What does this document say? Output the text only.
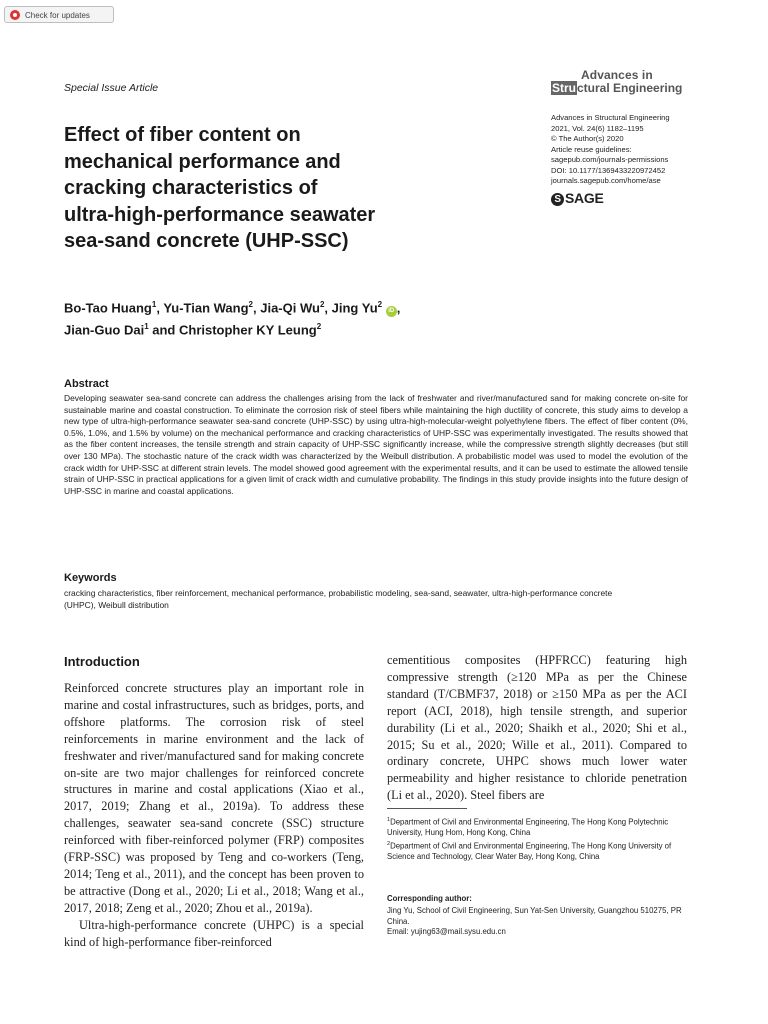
Check for updates
Special Issue Article
Advances in
Structural Engineering
Advances in Structural Engineering
2021, Vol. 24(6) 1182–1195
© The Author(s) 2020
Article reuse guidelines:
sagepub.com/journals-permissions
DOI: 10.1177/1369433220972452
journals.sagepub.com/home/ase
S SAGE
Effect of fiber content on
mechanical performance and
cracking characteristics of
ultra-high-performance seawater
sea-sand concrete (UHP-SSC)
Bo-Tao Huang$^1$, Yu-Tian Wang$^2$, Jia-Qi Wu$^2$, Jing Yu$^2$ iD ,
Jian-Guo Dai$^1$ and Christopher KY Leung$^2$
Abstract

Developing seawater sea-sand concrete can address the challenges arising from the lack of freshwater and river/manufactured sand for making concrete on-site for sustainable marine and coastal construction. To eliminate the corrosion risk of steel fibers while maintaining the high ductility of concrete, this study aims to develop a new type of ultra-high-performance seawater sea-sand concrete (UHP-SSC) by using ultra-high-molecular-weight polyethylene fibers. The effect of fiber content (0%, 0.5%, 1.0%, and 1.5% by volume) on the mechanical performance and cracking characteristics of UHP-SSC was experimentally investigated. The results showed that as the fiber content increases, the tensile strength and strain capacity of UHP-SSC significantly increase, while the compressive strength slightly decreases (but still over 130 MPa). The stochastic nature of the crack width was characterized by the Weibull distribution. A probabilistic model was used to model the evolution of the crack width for UHP-SSC at different strain levels. The model showed good agreement with the experimental results, and it can be used to estimate the allowed tensile strain of UHP-SSC in practical applications for a given limit of crack width and cumulative probability. The findings in this study provide insights into the future design of UHP-SSC in marine and coastal applications.

Keywords

cracking characteristics, fiber reinforcement, mechanical performance, probabilistic modeling, sea-sand, seawater, ultra-high-performance concrete (UHPC), Weibull distribution

Introduction

Reinforced concrete structures play an important role in marine and costal infrastructures, such as bridges, ports, and offshore platforms. The corrosion risk of steel reinforcements in marine environment and the lack of freshwater and river/manufactured sand for making concrete on-site are two major challenges for reinforced concrete structures in marine and costal applications (Xiao et al., 2017, 2019; Zhang et al., 2019a). To address these challenges, seawater sea-sand concrete (SSC) structure reinforced with fiber-reinforced polymer (FRP) composites (FRP-SSC) was proposed by Teng and co-workers (Teng, 2014; Teng et al., 2011), and the concept has been proven to be attractive (Dong et al., 2020; Li et al., 2018; Wang et al., 2017, 2018; Zeng et al., 2020; Zhou et al., 2019a).

Ultra-high-performance concrete (UHPC) is a special kind of high-performance fiber-reinforced

cementitious composites (HPFRCC) featuring high compressive strength (≥120 MPa as per the Chinese standard (T/CBMF37, 2018) or ≥150 MPa as per the ACI report (ACI, 2018), high tensile strength, and superior durability (Li et al., 2020; Shaikh et al., 2020; Shi et al., 2015; Su et al., 2020; Wille et al., 2011). Compared to ordinary concrete, UHPC shows much lower water permeability and higher resistance to chloride penetration (Li et al., 2020). Steel fibers are

$^1$Department of Civil and Environmental Engineering, The Hong Kong Polytechnic University, Hung Hom, Hong Kong, China
$^2$Department of Civil and Environmental Engineering, The Hong Kong University of Science and Technology, Clear Water Bay, Hong Kong, China
Corresponding author:
Jing Yu, School of Civil Engineering, Sun Yat-Sen University, Guangzhou 510275, PR China.
Email: yujing63@mail.sysu.edu.cn
